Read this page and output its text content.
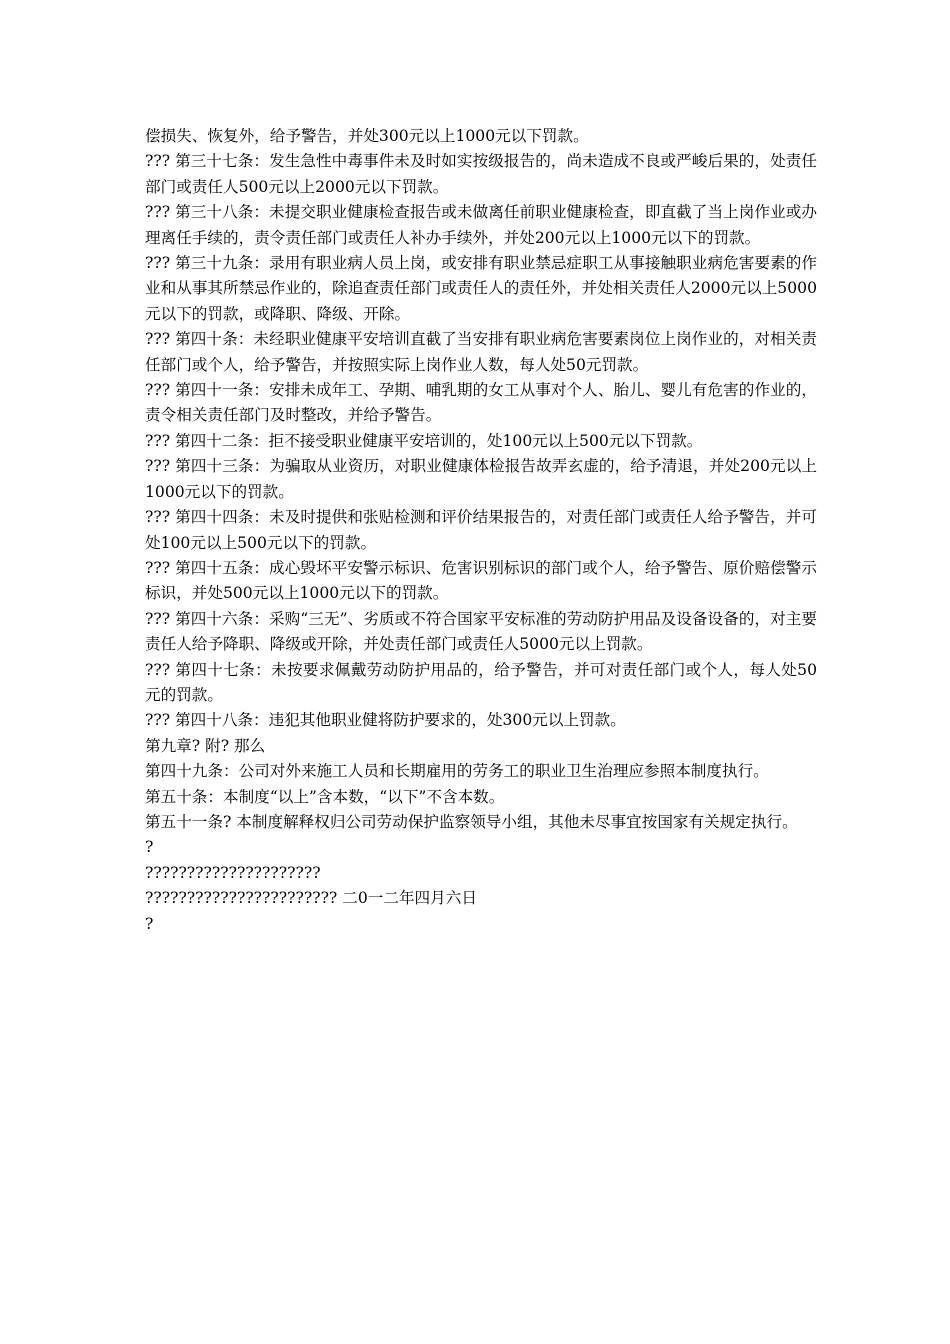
偿损失、恢复外，给予警告，并处300元以上1000元以下罚款。

??? 第三十七条：发生急性中毒事件未及时如实按级报告的，尚未造成不良或严峻后果的，处责任部门或责任人500元以上2000元以下罚款。

??? 第三十八条：未提交职业健康检查报告或未做离任前职业健康检查，即直截了当上岗作业或办理离任手续的，责令责任部门或责任人补办手续外，并处200元以上1000元以下的罚款。

??? 第三十九条：录用有职业病人员上岗，或安排有职业禁忌症职工从事接触职业病危害要素的作业和从事其所禁忌作业的，除追查责任部门或责任人的责任外，并处相关责任人2000元以上5000元以下的罚款，或降职、降级、开除。

??? 第四十条：未经职业健康平安培训直截了当安排有职业病危害要素岗位上岗作业的，对相关责任部门或个人，给予警告，并按照实际上岗作业人数，每人处50元罚款。

??? 第四十一条：安排未成年工、孕期、哺乳期的女工从事对个人、胎儿、婴儿有危害的作业的，责令相关责任部门及时整改，并给予警告。

??? 第四十二条：拒不接受职业健康平安培训的，处100元以上500元以下罚款。

??? 第四十三条：为骗取从业资历，对职业健康体检报告故弄玄虚的，给予清退，并处200元以上1000元以下的罚款。

??? 第四十四条：未及时提供和张贴检测和评价结果报告的，对责任部门或责任人给予警告，并可处100元以上500元以下的罚款。

??? 第四十五条：成心毁坏平安警示标识、危害识别标识的部门或个人，给予警告、原价赔偿警示标识，并处500元以上1000元以下的罚款。

??? 第四十六条：采购“三无”、劣质或不符合国家平安标准的劳动防护用品及设备设备的，对主要责任人给予降职、降级或开除，并处责任部门或责任人5000元以上罚款。

??? 第四十七条：未按要求佩戴劳动防护用品的，给予警告，并可对责任部门或个人，每人处50元的罚款。

??? 第四十八条：违犯其他职业健将防护要求的，处300元以上罚款。

第九章? 附? 那么

第四十九条：公司对外来施工人员和长期雇用的劳务工的职业卫生治理应参照本制度执行。

第五十条：本制度“以上”含本数，“以下”不含本数。

第五十一条? 本制度解释权归公司劳动保护监察领导小组，其他未尽事宜按国家有关规定执行。

?

?????????????????????

??????????????????????? 二0一二年四月六日

?
